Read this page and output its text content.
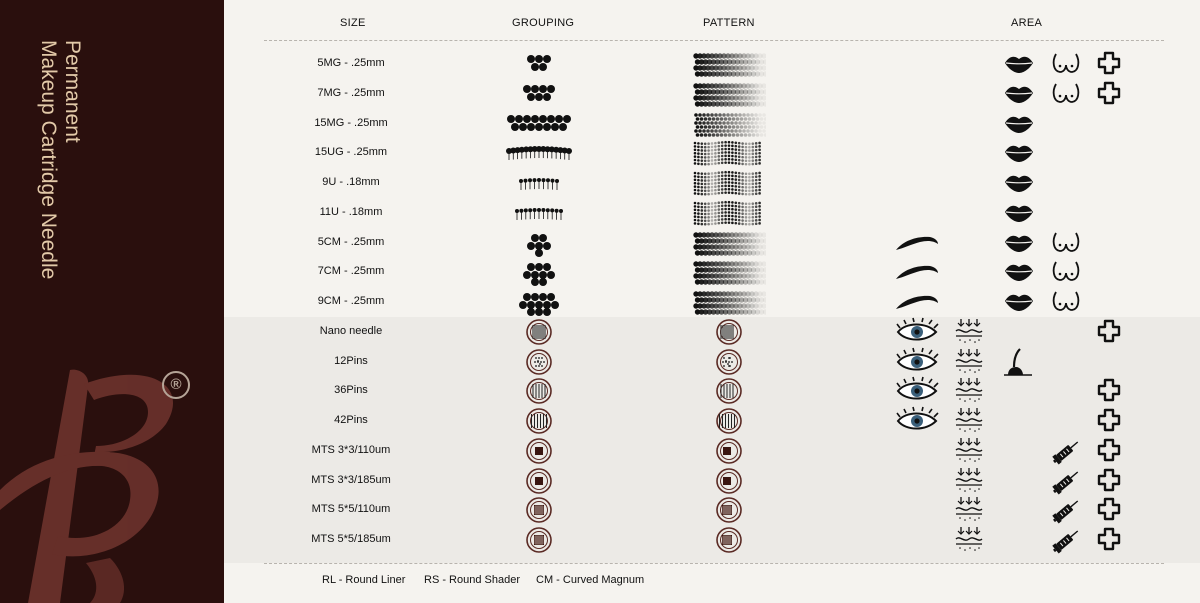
Permanent
Makeup Cartridge Needle
®
SIZE	GROUPING	PATTERN	AREA
5MG - .25mm
7MG - .25mm
15MG - .25mm
15UG - .25mm
9U - .18mm
11U - .18mm
5CM - .25mm
7CM - .25mm
9CM - .25mm
Nano needle
12Pins
36Pins
42Pins
MTS 3*3/110um
MTS 3*3/185um
MTS 5*5/110um
MTS 5*5/185um
RL - Round Liner RS - Round Shader CM - Curved Magnum
